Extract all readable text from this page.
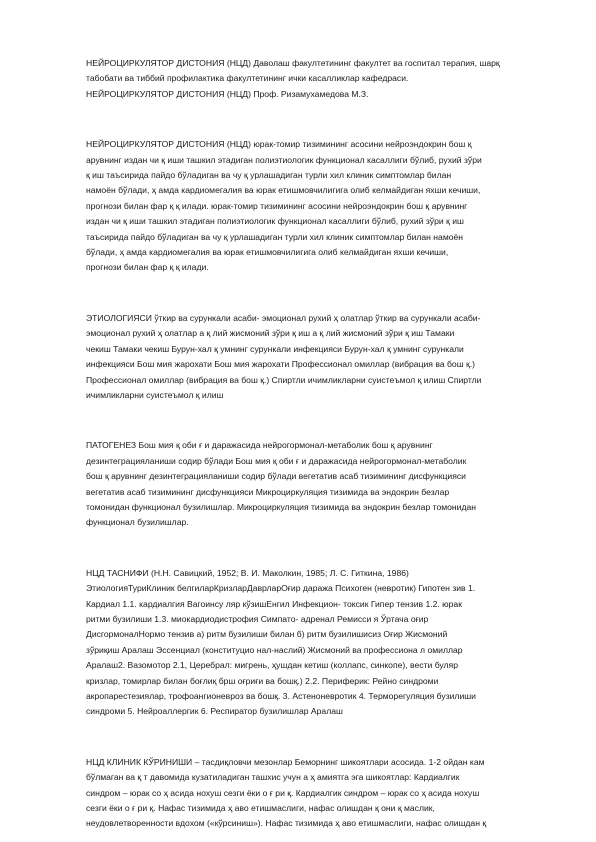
НЕЙРОЦИРКУЛЯТОР ДИСТОНИЯ (НЦД) Даволаш факултетининг факултет ва госпитал терапия, шарқ
табобати ва тиббий профилактика факултетининг ички касалликлар кафедраси.
НЕЙРОЦИРКУЛЯТОР ДИСТОНИЯ (НЦД) Проф. Ризамухамедова М.З.

НЕЙРОЦИРКУЛЯТОР ДИСТОНИЯ (НЦД) юрак-томир тизимининг асосини нейроэндокрин бош қ
арувнинг издан чи қ иши ташкил этадиган полиэтиологик функционал касаллиги бўлиб, рухий зўри
қ иш таъсирида пайдо бўладиган ва чу қ урлашадиган турли хил клиник симптомлар билан
намоён бўлади, ҳ амда кардиомегалия ва юрак етишмовчилигига олиб келмайдиган яхши кечиши,
прогнози билан фар қ қ илади. юрак-томир тизимининг асосини нейроэндокрин бош қ арувнинг
издан чи қ иши ташкил этадиган полиэтиологик функционал касаллиги бўлиб, рухий зўри қ иш
таъсирида пайдо бўладиган ва чу қ урлашадиган турли хил клиник симптомлар билан намоён
бўлади, ҳ амда кардиомегалия ва юрак етишмовчилигига олиб келмайдиган яхши кечиши,
прогнози билан фар қ қ илади.

ЭТИОЛОГИЯСИ ўткир ва сурункали асаби- эмоционал рухий ҳ олатлар ўткир ва сурункали асаби-
эмоционал рухий ҳ олатлар а қ лий жисмоний зўри қ иш а қ лий жисмоний зўри қ иш Тамаки
чекиш Тамаки чекиш Бурун-хал қ умнинг сурункали инфекцияси Бурун-хал қ умнинг сурункали
инфекцияси Бош мия жарохати Бош мия жарохати Профессионал омиллар (вибрация ва бош қ.)
Профессионал омиллар (вибрация ва бош қ.) Спиртли ичимликларни суистеъмол қ илиш Спиртли
ичимликларни суистеъмол қ илиш

ПАТОГЕНЕЗ Бош мия қ оби ғ и даражасида нейрогормонал-метаболик бош қ арувнинг
дезинтеграцияланиши содир бўлади Бош мия қ оби ғ и даражасида нейрогормонал-метаболик
бош қ арувнинг дезинтеграцияланиши содир бўлади вегетатив асаб тизимининг дисфункцияси
вегетатив асаб тизимининг дисфункцияси Микроциркуляция тизимида ва эндокрин безлар
томонидан функционал бузилишлар. Микроциркуляция тизимида ва эндокрин безлар томонидан
функционал бузилишлар.

НЦД ТАСНИФИ (Н.Н. Савицкий, 1952; В. И. Маколкин, 1985; Л. С. Гиткина, 1986)
ЭтиологияТуриКлиник белгиларКризларДаврларОғир даража Психоген (невротик) Гипотен зив 1.
Кардиал 1.1. кардиалгия Вагоинсу ляр кўзишЕнгил Инфекцион- токсик Гипер тензив 1.2. юрак
ритми бузилиши 1.3. миокардиодистрофия Симпато- адренал Ремисси я Ўртача оғир
ДисгормоналНормо тензив а) ритм бузилиши билан б) ритм бузилишисиз Оғир Жисмоний
зўриқиш Аралаш Эссенциал (конституцио нал-наслий) Жисмоний ва профессиона л омиллар
Аралаш2. Вазомотор 2.1, Церебрал: мигрень, ҳушдан кетиш (коллапс, синкопе), вести буляр
кризлар, томирлар билан боғлиқ брш оғриғи ва бошқ.) 2.2. Периферик: Рейно синдроми
акропарестезиялар, трофоангионевроз ва бошқ. 3. Астеноневротик 4. Терморегуляция бузилиши
синдроми 5. Нейроаллергик 6. Респиратор бузилишлар Аралаш

НЦД КЛИНИК КЎРИНИШИ – тасдиқловчи мезонлар Беморнинг шикоятлари асосида. 1-2 ойдан кам
бўлмаган ва қ т давомида кузатиладиган ташхис учун а ҳ амиятга эга шикоятлар: Кардиалгик
синдром – юрак со ҳ асида ноxуш сезги ёки о ғ ри қ. Кардиалгик синдром – юрак со ҳ асида ноxуш
сезги ёки о ғ ри қ. Нафас тизимида ҳ аво етишмаслиги, нафас олишдан қ они қ маслик,
неудовлетворенности вдохом («кўрсиниш»). Нафас тизимида ҳ аво етишмаслиги, нафас олишдан қ
